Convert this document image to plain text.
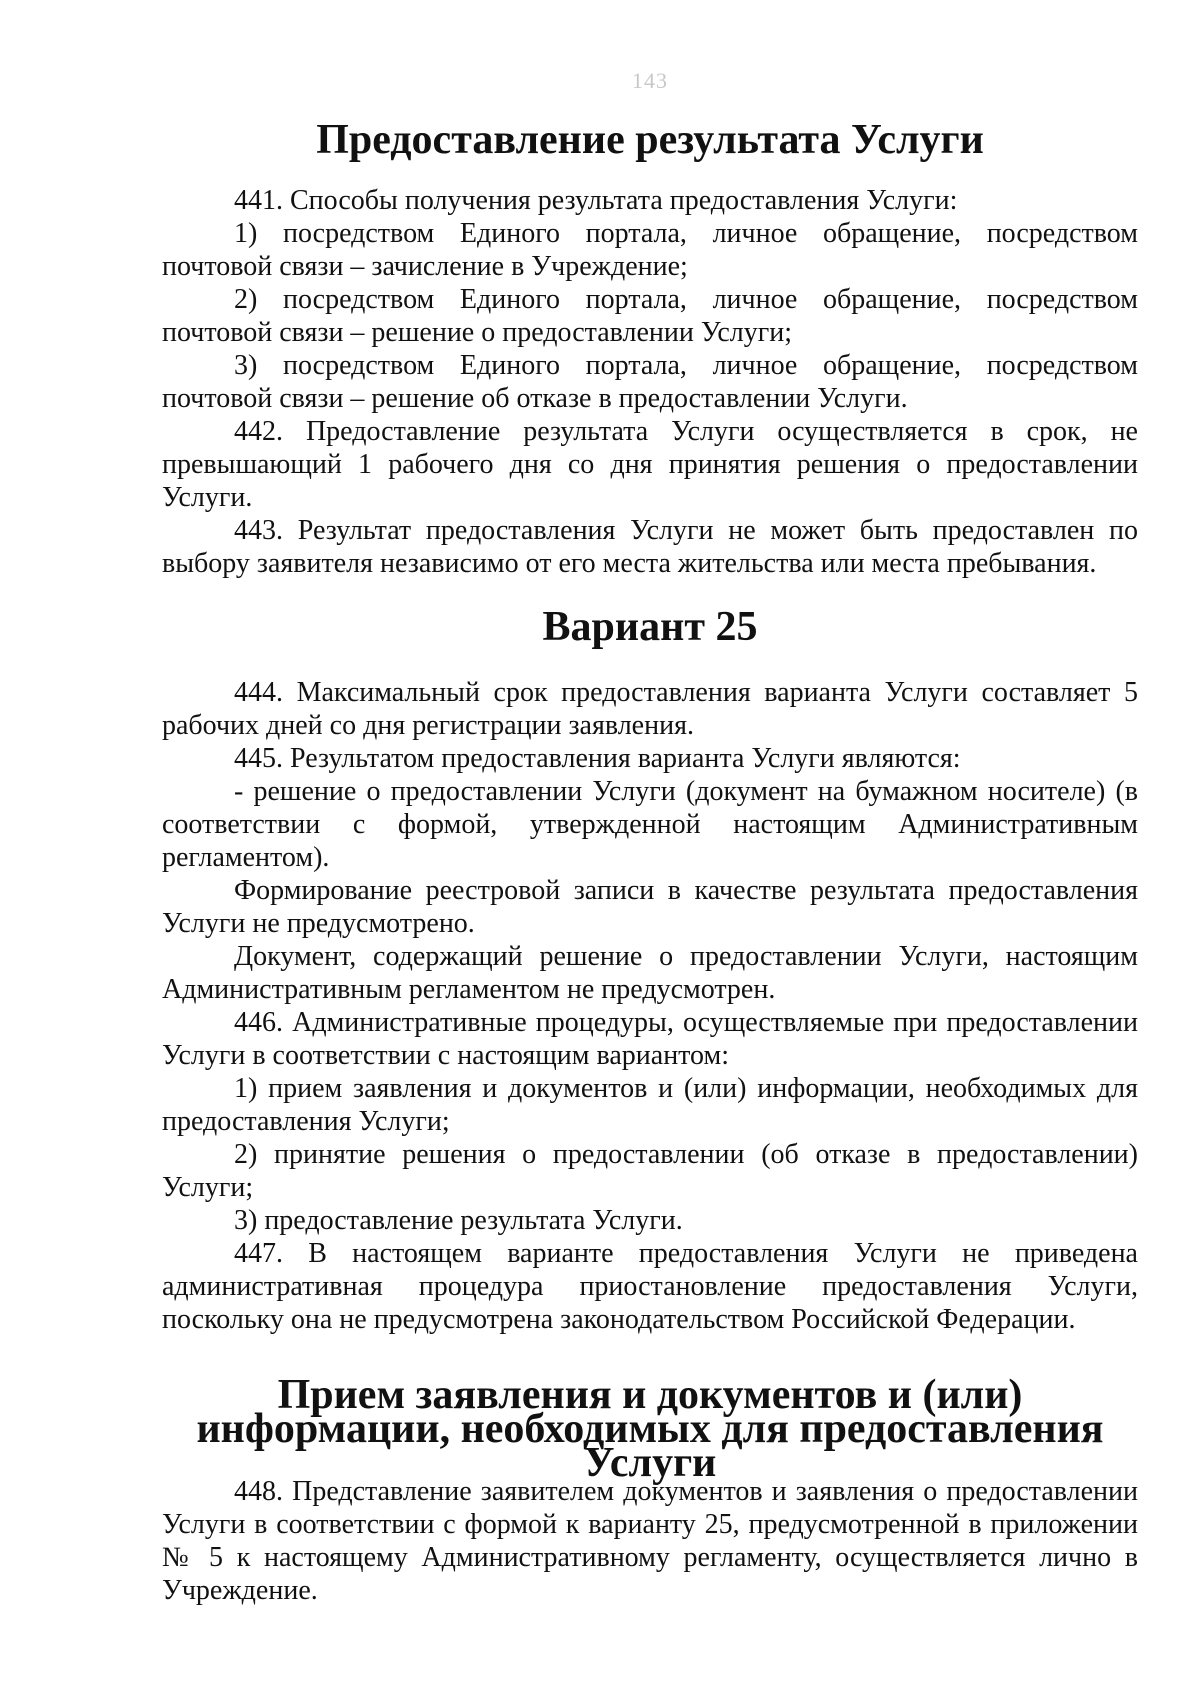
143
Предоставление результата Услуги

441. Способы получения результата предоставления Услуги:

1) посредством Единого портала, личное обращение, посредством почтовой связи – зачисление в Учреждение;

2) посредством Единого портала, личное обращение, посредством почтовой связи – решение о предоставлении Услуги;

3) посредством Единого портала, личное обращение, посредством почтовой связи – решение об отказе в предоставлении Услуги.

442. Предоставление результата Услуги осуществляется в срок, не превышающий 1 рабочего дня со дня принятия решения о предоставлении Услуги.

443. Результат предоставления Услуги не может быть предоставлен по выбору заявителя независимо от его места жительства или места пребывания.

Вариант 25

444. Максимальный срок предоставления варианта Услуги составляет 5 рабочих дней со дня регистрации заявления.

445. Результатом предоставления варианта Услуги являются:

- решение о предоставлении Услуги (документ на бумажном носителе) (в соответствии с формой, утвержденной настоящим Административным регламентом).

Формирование реестровой записи в качестве результата предоставления Услуги не предусмотрено.

Документ, содержащий решение о предоставлении Услуги, настоящим Административным регламентом не предусмотрен.

446. Административные процедуры, осуществляемые при предоставлении Услуги в соответствии с настоящим вариантом:

1) прием заявления и документов и (или) информации, необходимых для предоставления Услуги;

2) принятие решения о предоставлении (об отказе в предоставлении) Услуги;

3) предоставление результата Услуги.

447. В настоящем варианте предоставления Услуги не приведена административная процедура приостановление предоставления Услуги, поскольку она не предусмотрена законодательством Российской Федерации.

Прием заявления и документов и (или) информации, необходимых для предоставления Услуги

448. Представление заявителем документов и заявления о предоставлении Услуги в соответствии с формой к варианту 25, предусмотренной в приложении № 5 к настоящему Административному регламенту, осуществляется лично в Учреждение.
